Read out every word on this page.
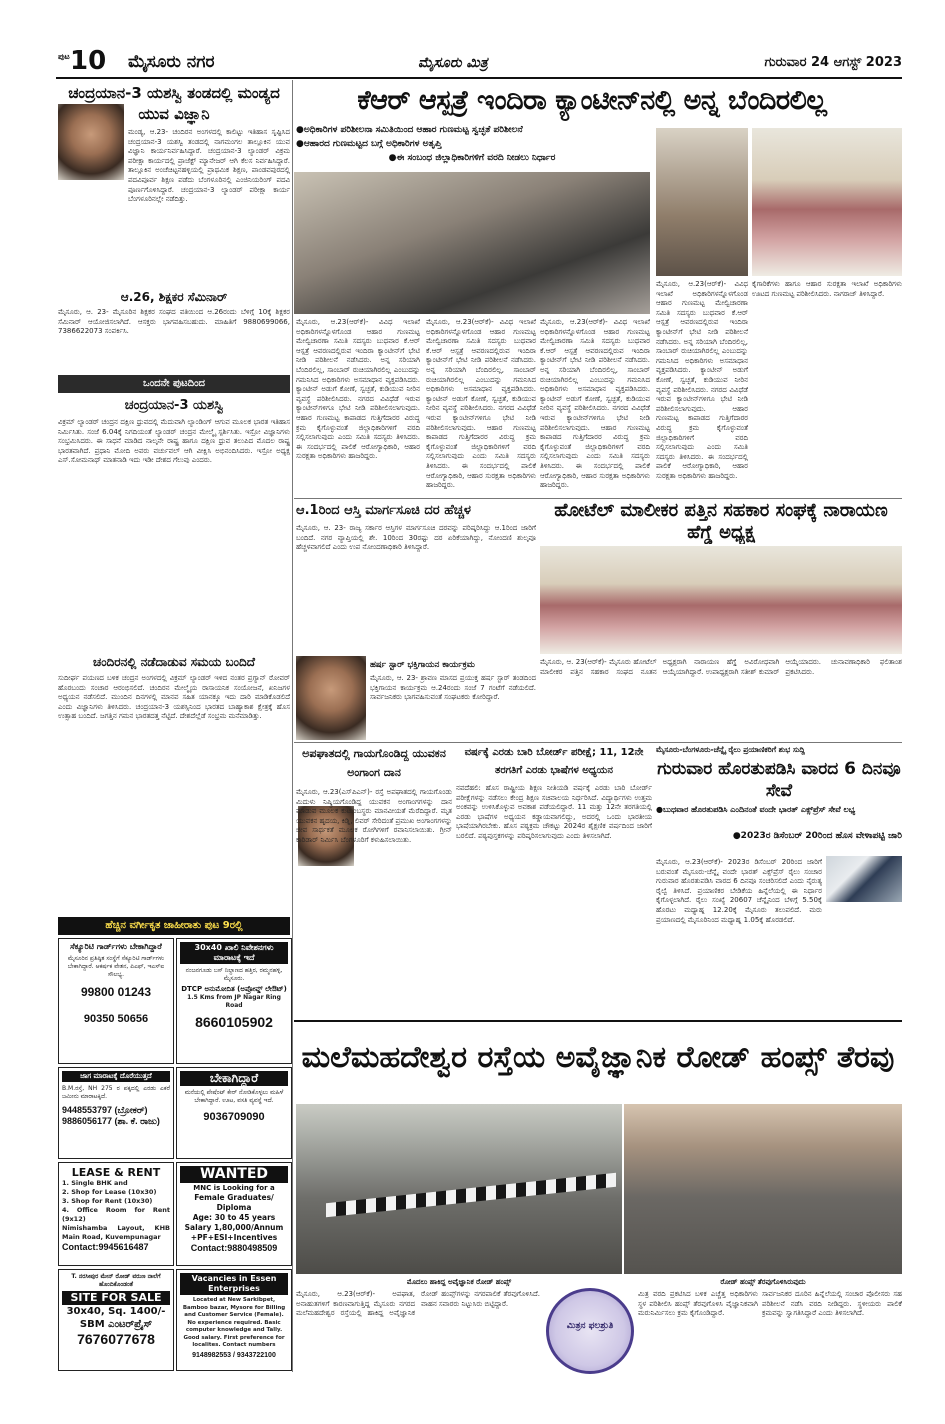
ಪುಟ 10	ಮೈಸೂರು ನಗರ	ಮೈಸೂರು ಮಿತ್ರ	ಗುರುವಾರ 24 ಆಗಸ್ಟ್ 2023
ಚಂದ್ರಯಾನ-3 ಯಶಸ್ವಿ ತಂಡದಲ್ಲಿ ಮಂಡ್ಯದ ಯುವ ವಿಜ್ಞಾನಿ
ಮಂಡ್ಯ, ಆ.23- ಚಂದಿರನ ಅಂಗಳದಲ್ಲಿ ಕಾಲಿಟ್ಟು ಇತಿಹಾಸ ಸೃಷ್ಟಿಸಿದ ಚಂದ್ರಯಾನ-3 ಯಶಸ್ವಿ ತಂಡದಲ್ಲಿ ನಾಗಮಂಗಲ ತಾಲ್ಲೂಕಿನ ಯುವ ವಿಜ್ಞಾನಿ ಕಾರ್ಯನಿರ್ವಹಿಸಿದ್ದಾರೆ. ಚಂದ್ರಯಾನ-3 ಲ್ಯಾಂಡರ್ ವಿಕ್ರಮ ಪರೀಕ್ಷಾ ಕಾರ್ಯದಲ್ಲಿ ಪ್ರಾಜೆಕ್ಟ್ ಮ್ಯಾನೇಜರ್ ಆಗಿ ಕೆಲಸ ನಿರ್ವಹಿಸಿದ್ದಾರೆ. ತಾಲ್ಲೂಕಿನ ಅಂಚೆಚಿಟ್ಟನಹಳ್ಳಿಯಲ್ಲಿ ಪ್ರಾಥಮಿಕ ಶಿಕ್ಷಣ, ಪಾಂಡವಪುರದಲ್ಲಿ ಪದವಿಪೂರ್ವ ಶಿಕ್ಷಣ ಪಡೆದು ಬೆಂಗಳೂರಿನಲ್ಲಿ ಎಂಜಿನಿಯರಿಂಗ್ ಪದವಿ ಪೂರ್ಣಗೊಳಿಸಿದ್ದಾರೆ. ಚಂದ್ರಯಾನ-3 ಲ್ಯಾಂಡರ್ ಪರೀಕ್ಷಾ ಕಾರ್ಯ ಬೆಂಗಳೂರಿನಲ್ಲೇ ನಡೆದಿತ್ತು.
ಆ.26, ಶಿಕ್ಷಕರ ಸೆಮಿನಾರ್
ಮೈಸೂರು, ಆ. 23- ಮೈಸೂರಿನ ಶಿಕ್ಷಕರ ಸಂಘದ ವತಿಯಿಂದ ಆ.26ರಂದು ಬೆಳಿಗ್ಗೆ 10ಕ್ಕೆ ಶಿಕ್ಷಕರ ಸೆಮಿನಾರ್ ಆಯೋಜಿಸಲಾಗಿದೆ. ಆಸಕ್ತರು ಭಾಗವಹಿಸಬಹುದು. ಮಾಹಿತಿಗೆ 9880699066, 7386622073 ಸಂಪರ್ಕಿಸಿ.
ಒಂದನೇ ಪುಟದಿಂದ
ಚಂದ್ರಯಾನ-3 ಯಶಸ್ವಿ
ವಿಕ್ರಮ್ ಲ್ಯಾಂಡರ್ ಚಂದ್ರನ ದಕ್ಷಿಣ ಧ್ರುವದಲ್ಲಿ ಮೆದುವಾಗಿ ಲ್ಯಾಂಡಿಂಗ್ ಆಗುವ ಮೂಲಕ ಭಾರತ ಇತಿಹಾಸ ನಿರ್ಮಿಸಿತು. ಸಂಜೆ 6.04ಕ್ಕೆ ನಿಗದಿಯಂತೆ ಲ್ಯಾಂಡರ್ ಚಂದ್ರನ ಮೇಲ್ಮೈ ಸ್ಪರ್ಶಿಸಿತು. ಇಸ್ರೋ ವಿಜ್ಞಾನಿಗಳು ಸಂಭ್ರಮಿಸಿದರು. ಈ ಸಾಧನೆ ಮಾಡಿದ ನಾಲ್ಕನೇ ರಾಷ್ಟ್ರ ಹಾಗೂ ದಕ್ಷಿಣ ಧ್ರುವ ತಲುಪಿದ ಮೊದಲ ರಾಷ್ಟ್ರ ಭಾರತವಾಗಿದೆ. ಪ್ರಧಾನಿ ಮೋದಿ ಅವರು ವರ್ಚುವಲ್ ಆಗಿ ವೀಕ್ಷಿಸಿ ಅಭಿನಂದಿಸಿದರು. ಇಸ್ರೋ ಅಧ್ಯಕ್ಷ ಎಸ್.ಸೋಮನಾಥ್ ಮಾತನಾಡಿ ಇದು ಇಡೀ ದೇಶದ ಗೆಲುವು ಎಂದರು.
ಚಂದಿರನಲ್ಲಿ ನಡೆದಾಡುವ ಸಮಯ ಬಂದಿದೆ
ಸುದೀರ್ಘ ಪಯಣದ ಬಳಿಕ ಚಂದ್ರನ ಅಂಗಳದಲ್ಲಿ ವಿಕ್ರಮ್ ಲ್ಯಾಂಡರ್ ಇಳಿದ ನಂತರ ಪ್ರಗ್ಯಾನ್ ರೋವರ್ ಹೊರಬಂದು ಸಂಚಾರ ಆರಂಭಿಸಲಿದೆ. ಚಂದಿರನ ಮೇಲ್ಮೈಯ ರಾಸಾಯನಿಕ ಸಂಯೋಜನೆ, ಖನಿಜಗಳ ಅಧ್ಯಯನ ನಡೆಸಲಿದೆ. ಮುಂದಿನ ದಿನಗಳಲ್ಲಿ ಮಾನವ ಸಹಿತ ಯಾನಕ್ಕೂ ಇದು ದಾರಿ ಮಾಡಿಕೊಡಲಿದೆ ಎಂದು ವಿಜ್ಞಾನಿಗಳು ತಿಳಿಸಿದರು. ಚಂದ್ರಯಾನ-3 ಯಶಸ್ಸಿನಿಂದ ಭಾರತದ ಬಾಹ್ಯಾಕಾಶ ಕ್ಷೇತ್ರಕ್ಕೆ ಹೊಸ ಉತ್ಸಾಹ ಬಂದಿದೆ. ಜಗತ್ತಿನ ಗಮನ ಭಾರತದತ್ತ ನೆಟ್ಟಿದೆ. ದೇಶದೆಲ್ಲೆಡೆ ಸಂಭ್ರಮ ಮನೆಮಾಡಿತ್ತು.
ಹೆಚ್ಚಿನ ವರ್ಗೀಕೃತ ಜಾಹೀರಾತು ಪುಟ 9ರಲ್ಲಿ
ಸೆಕ್ಯೂರಿಟಿ ಗಾರ್ಡ್‌ಗಳು ಬೇಕಾಗಿದ್ದಾರೆ
ಮೈಸೂರಿನ ಪ್ರತಿಷ್ಠಿತ ಸಂಸ್ಥೆಗೆ ಸೆಕ್ಯೂರಿಟಿ ಗಾರ್ಡ್‌ಗಳು ಬೇಕಾಗಿದ್ದಾರೆ. ಆಕರ್ಷಕ ವೇತನ, ಪಿಎಫ್, ಇಎಸ್‌ಐ ಸೌಲಭ್ಯ.
99800 01243
90350 50656
30x40 ಖಾಲಿ ನಿವೇಶನಗಳು ಮಾರಾಟಕ್ಕೆ ಇದೆ
ನಂಜನಗೂಡು ಬಸ್ ನಿಲ್ದಾಣದ ಹತ್ತಿರ, ರಮ್ಮನಹಳ್ಳಿ, ಮೈಸೂರು.
DTCP ಅನುಮೋದಿತ (ಅಪ್ರೋವ್ಡ್ ಲೇಔಟ್)
1.5 Kms from JP Nagar Ring Road
8660105902
ಜಾಗ ಮಾರಾಟಕ್ಕೆ ದೊರೆಯುತ್ತದೆ
B.M.ರಸ್ತೆ, NH 275 ರ ಪಕ್ಕದಲ್ಲಿ ಎರಡು ಎಕರೆ ಜಮೀನು ಮಾರಾಟಕ್ಕಿದೆ.
9448553797 (ಬ್ರೋಕರ್)
9886056177 (ಶಾ. ಕೆ. ರಾಜು)
ಬೇಕಾಗಿದ್ದಾರೆ
ಮನೆಯಲ್ಲಿ ಪೇಷೆಂಟ್ ಕೇರ್ ನೋಡಿಕೊಳ್ಳಲು ಮಹಿಳೆ ಬೇಕಾಗಿದ್ದಾರೆ. ಊಟ, ವಸತಿ ವ್ಯವಸ್ಥೆ ಇದೆ.
9036709090
LEASE & RENT
1. Single BHK and
2. Shop for Lease (10x30)
3. Shop for Rent (10x30)
4. Office Room for Rent (9x12)
Nimishamba Layout, KHB Main Road, Kuvempunagar
Contact:9945616487
WANTED
MNC is Looking for a
Female Graduates/ Diploma
Age: 30 to 45 years
Salary 1,80,000/Annum
+PF+ESI+Incentives
Contact:9880498509
T. ನರಸೀಪುರ ಮೇನ್ ರೋಡ್ ವರುಣ ನಾಲೆಗೆ ಹೊಂದಿಕೊಂಡಂತೆ
SITE FOR SALE
30x40, Sq. 1400/-
SBM ಎಂಟರ್‌ಪ್ರೈಸ್
7676077678
Vacancies in Essen Enterprises
Located at New Sarkibpet, Bamboo bazar, Mysore for Billing and Customer Service (Female). No experience required. Basic computer knowledge and Tally. Good salary. First preference for localites. Contact numbers
9148982553 / 9343722100
ಕೆಆರ್ ಆಸ್ಪತ್ರೆ ಇಂದಿರಾ ಕ್ಯಾಂಟೀನ್‌ನಲ್ಲಿ ಅನ್ನ ಬೆಂದಿರಲಿಲ್ಲ
●ಅಧಿಕಾರಿಗಳ ಪರಿಶೀಲನಾ ಸಮಿತಿಯಿಂದ ಆಹಾರ ಗುಣಮಟ್ಟ ಸ್ವಚ್ಛತೆ ಪರಿಶೀಲನೆ
●ಆಹಾರದ ಗುಣಮಟ್ಟದ ಬಗ್ಗೆ ಅಧಿಕಾರಿಗಳ ಅತೃಪ್ತಿ
●ಈ ಸಂಬಂಧ ಜಿಲ್ಲಾಧಿಕಾರಿಗಳಿಗೆ ವರದಿ ನೀಡಲು ನಿರ್ಧಾರ
ಮೈಸೂರು, ಆ.23(ಆರ್‌ಕೆ)- ವಿವಿಧ ಇಲಾಖೆ ಅಧಿಕಾರಿಗಳನ್ನೊಳಗೊಂಡ ಆಹಾರ ಗುಣಮಟ್ಟ ಮೇಲ್ವಿಚಾರಣಾ ಸಮಿತಿ ಸದಸ್ಯರು ಬುಧವಾರ ಕೆ.ಆರ್ ಆಸ್ಪತ್ರೆ ಆವರಣದಲ್ಲಿರುವ ಇಂದಿರಾ ಕ್ಯಾಂಟೀನ್‌ಗೆ ಭೇಟಿ ನೀಡಿ ಪರಿಶೀಲನೆ ನಡೆಸಿದರು. ಅನ್ನ ಸರಿಯಾಗಿ ಬೆಂದಿರಲಿಲ್ಲ, ಸಾಂಬಾರ್ ರುಚಿಯಾಗಿರಲಿಲ್ಲ ಎಂಬುದನ್ನು ಗಮನಿಸಿದ ಅಧಿಕಾರಿಗಳು ಅಸಮಾಧಾನ ವ್ಯಕ್ತಪಡಿಸಿದರು. ಕ್ಯಾಂಟೀನ್ ಅಡುಗೆ ಕೋಣೆ, ಸ್ವಚ್ಛತೆ, ಕುಡಿಯುವ ನೀರಿನ ವ್ಯವಸ್ಥೆ ಪರಿಶೀಲಿಸಿದರು. ನಗರದ ವಿವಿಧೆಡೆ ಇರುವ ಕ್ಯಾಂಟೀನ್‌ಗಳಿಗೂ ಭೇಟಿ ನೀಡಿ ಪರಿಶೀಲಿಸಲಾಗುವುದು. ಆಹಾರ ಗುಣಮಟ್ಟ ಕಾಪಾಡದ ಗುತ್ತಿಗೆದಾರರ ವಿರುದ್ಧ ಕ್ರಮ ಕೈಗೊಳ್ಳುವಂತೆ ಜಿಲ್ಲಾಧಿಕಾರಿಗಳಿಗೆ ವರದಿ ಸಲ್ಲಿಸಲಾಗುವುದು ಎಂದು ಸಮಿತಿ ಸದಸ್ಯರು ತಿಳಿಸಿದರು. ಈ ಸಂದರ್ಭದಲ್ಲಿ ಪಾಲಿಕೆ ಆರೋಗ್ಯಾಧಿಕಾರಿ, ಆಹಾರ ಸುರಕ್ಷತಾ ಅಧಿಕಾರಿಗಳು ಹಾಜರಿದ್ದರು.
ಮೈಸೂರು, ಆ.23(ಆರ್‌ಕೆ)- ವಿವಿಧ ಇಲಾಖೆ ಅಧಿಕಾರಿಗಳನ್ನೊಳಗೊಂಡ ಆಹಾರ ಗುಣಮಟ್ಟ ಮೇಲ್ವಿಚಾರಣಾ ಸಮಿತಿ ಸದಸ್ಯರು ಬುಧವಾರ ಕೆ.ಆರ್ ಆಸ್ಪತ್ರೆ ಆವರಣದಲ್ಲಿರುವ ಇಂದಿರಾ ಕ್ಯಾಂಟೀನ್‌ಗೆ ಭೇಟಿ ನೀಡಿ ಪರಿಶೀಲನೆ ನಡೆಸಿದರು. ಅನ್ನ ಸರಿಯಾಗಿ ಬೆಂದಿರಲಿಲ್ಲ, ಸಾಂಬಾರ್ ರುಚಿಯಾಗಿರಲಿಲ್ಲ ಎಂಬುದನ್ನು ಗಮನಿಸಿದ ಅಧಿಕಾರಿಗಳು ಅಸಮಾಧಾನ ವ್ಯಕ್ತಪಡಿಸಿದರು. ಕ್ಯಾಂಟೀನ್ ಅಡುಗೆ ಕೋಣೆ, ಸ್ವಚ್ಛತೆ, ಕುಡಿಯುವ ನೀರಿನ ವ್ಯವಸ್ಥೆ ಪರಿಶೀಲಿಸಿದರು. ನಗರದ ವಿವಿಧೆಡೆ ಇರುವ ಕ್ಯಾಂಟೀನ್‌ಗಳಿಗೂ ಭೇಟಿ ನೀಡಿ ಪರಿಶೀಲಿಸಲಾಗುವುದು. ಆಹಾರ ಗುಣಮಟ್ಟ ಕಾಪಾಡದ ಗುತ್ತಿಗೆದಾರರ ವಿರುದ್ಧ ಕ್ರಮ ಕೈಗೊಳ್ಳುವಂತೆ ಜಿಲ್ಲಾಧಿಕಾರಿಗಳಿಗೆ ವರದಿ ಸಲ್ಲಿಸಲಾಗುವುದು ಎಂದು ಸಮಿತಿ ಸದಸ್ಯರು ತಿಳಿಸಿದರು. ಈ ಸಂದರ್ಭದಲ್ಲಿ ಪಾಲಿಕೆ ಆರೋಗ್ಯಾಧಿಕಾರಿ, ಆಹಾರ ಸುರಕ್ಷತಾ ಅಧಿಕಾರಿಗಳು ಹಾಜರಿದ್ದರು.
ಮೈಸೂರು, ಆ.23(ಆರ್‌ಕೆ)- ವಿವಿಧ ಇಲಾಖೆ ಅಧಿಕಾರಿಗಳನ್ನೊಳಗೊಂಡ ಆಹಾರ ಗುಣಮಟ್ಟ ಮೇಲ್ವಿಚಾರಣಾ ಸಮಿತಿ ಸದಸ್ಯರು ಬುಧವಾರ ಕೆ.ಆರ್ ಆಸ್ಪತ್ರೆ ಆವರಣದಲ್ಲಿರುವ ಇಂದಿರಾ ಕ್ಯಾಂಟೀನ್‌ಗೆ ಭೇಟಿ ನೀಡಿ ಪರಿಶೀಲನೆ ನಡೆಸಿದರು. ಅನ್ನ ಸರಿಯಾಗಿ ಬೆಂದಿರಲಿಲ್ಲ, ಸಾಂಬಾರ್ ರುಚಿಯಾಗಿರಲಿಲ್ಲ ಎಂಬುದನ್ನು ಗಮನಿಸಿದ ಅಧಿಕಾರಿಗಳು ಅಸಮಾಧಾನ ವ್ಯಕ್ತಪಡಿಸಿದರು. ಕ್ಯಾಂಟೀನ್ ಅಡುಗೆ ಕೋಣೆ, ಸ್ವಚ್ಛತೆ, ಕುಡಿಯುವ ನೀರಿನ ವ್ಯವಸ್ಥೆ ಪರಿಶೀಲಿಸಿದರು. ನಗರದ ವಿವಿಧೆಡೆ ಇರುವ ಕ್ಯಾಂಟೀನ್‌ಗಳಿಗೂ ಭೇಟಿ ನೀಡಿ ಪರಿಶೀಲಿಸಲಾಗುವುದು. ಆಹಾರ ಗುಣಮಟ್ಟ ಕಾಪಾಡದ ಗುತ್ತಿಗೆದಾರರ ವಿರುದ್ಧ ಕ್ರಮ ಕೈಗೊಳ್ಳುವಂತೆ ಜಿಲ್ಲಾಧಿಕಾರಿಗಳಿಗೆ ವರದಿ ಸಲ್ಲಿಸಲಾಗುವುದು ಎಂದು ಸಮಿತಿ ಸದಸ್ಯರು ತಿಳಿಸಿದರು. ಈ ಸಂದರ್ಭದಲ್ಲಿ ಪಾಲಿಕೆ ಆರೋಗ್ಯಾಧಿಕಾರಿ, ಆಹಾರ ಸುರಕ್ಷತಾ ಅಧಿಕಾರಿಗಳು ಹಾಜರಿದ್ದರು.
ಮೈಸೂರು, ಆ.23(ಆರ್‌ಕೆ)- ವಿವಿಧ ಇಲಾಖೆ ಅಧಿಕಾರಿಗಳನ್ನೊಳಗೊಂಡ ಆಹಾರ ಗುಣಮಟ್ಟ ಮೇಲ್ವಿಚಾರಣಾ ಸಮಿತಿ ಸದಸ್ಯರು ಬುಧವಾರ ಕೆ.ಆರ್ ಆಸ್ಪತ್ರೆ ಆವರಣದಲ್ಲಿರುವ ಇಂದಿರಾ ಕ್ಯಾಂಟೀನ್‌ಗೆ ಭೇಟಿ ನೀಡಿ ಪರಿಶೀಲನೆ ನಡೆಸಿದರು. ಅನ್ನ ಸರಿಯಾಗಿ ಬೆಂದಿರಲಿಲ್ಲ, ಸಾಂಬಾರ್ ರುಚಿಯಾಗಿರಲಿಲ್ಲ ಎಂಬುದನ್ನು ಗಮನಿಸಿದ ಅಧಿಕಾರಿಗಳು ಅಸಮಾಧಾನ ವ್ಯಕ್ತಪಡಿಸಿದರು. ಕ್ಯಾಂಟೀನ್ ಅಡುಗೆ ಕೋಣೆ, ಸ್ವಚ್ಛತೆ, ಕುಡಿಯುವ ನೀರಿನ ವ್ಯವಸ್ಥೆ ಪರಿಶೀಲಿಸಿದರು. ನಗರದ ವಿವಿಧೆಡೆ ಇರುವ ಕ್ಯಾಂಟೀನ್‌ಗಳಿಗೂ ಭೇಟಿ ನೀಡಿ ಪರಿಶೀಲಿಸಲಾಗುವುದು. ಆಹಾರ ಗುಣಮಟ್ಟ ಕಾಪಾಡದ ಗುತ್ತಿಗೆದಾರರ ವಿರುದ್ಧ ಕ್ರಮ ಕೈಗೊಳ್ಳುವಂತೆ ಜಿಲ್ಲಾಧಿಕಾರಿಗಳಿಗೆ ವರದಿ ಸಲ್ಲಿಸಲಾಗುವುದು ಎಂದು ಸಮಿತಿ ಸದಸ್ಯರು ತಿಳಿಸಿದರು. ಈ ಸಂದರ್ಭದಲ್ಲಿ ಪಾಲಿಕೆ ಆರೋಗ್ಯಾಧಿಕಾರಿ, ಆಹಾರ ಸುರಕ್ಷತಾ ಅಧಿಕಾರಿಗಳು ಹಾಜರಿದ್ದರು.
ಕೈಗಾರಿಕೆಗಳು ಹಾಗೂ ಆಹಾರ ಸುರಕ್ಷತಾ ಇಲಾಖೆ ಅಧಿಕಾರಿಗಳು ಊಟದ ಗುಣಮಟ್ಟ ಪರಿಶೀಲಿಸಿದರು. ನಾಗರಾಜ್ ತಿಳಿಸಿದ್ದಾರೆ.
ಆ.1ರಿಂದ ಆಸ್ತಿ ಮಾರ್ಗಸೂಚಿ ದರ ಹೆಚ್ಚಳ
ಮೈಸೂರು, ಆ. 23- ರಾಜ್ಯ ಸರ್ಕಾರ ಆಸ್ತಿಗಳ ಮಾರ್ಗಸೂಚಿ ದರವನ್ನು ಪರಿಷ್ಕರಿಸಿದ್ದು ಆ.1ರಿಂದ ಜಾರಿಗೆ ಬಂದಿದೆ. ನಗರ ವ್ಯಾಪ್ತಿಯಲ್ಲಿ ಶೇ. 10ರಿಂದ 30ರಷ್ಟು ದರ ಏರಿಕೆಯಾಗಿದ್ದು, ನೋಂದಣಿ ಶುಲ್ಕವೂ ಹೆಚ್ಚಳವಾಗಲಿದೆ ಎಂದು ಉಪ ನೋಂದಣಾಧಿಕಾರಿ ತಿಳಿಸಿದ್ದಾರೆ.
ಹೋಟೆಲ್ ಮಾಲೀಕರ ಪತ್ತಿನ ಸಹಕಾರ ಸಂಘಕ್ಕೆ ನಾರಾಯಣ ಹೆಗ್ಡೆ ಅಧ್ಯಕ್ಷ
ಮೈಸೂರು, ಆ. 23(ಆರ್‌ಕೆ)- ಮೈಸೂರು ಹೋಟೆಲ್ ಮಾಲೀಕರ ಪತ್ತಿನ ಸಹಕಾರ ಸಂಘದ ನೂತನ ಅಧ್ಯಕ್ಷರಾಗಿ ನಾರಾಯಣ ಹೆಗ್ಡೆ ಅವಿರೋಧವಾಗಿ ಆಯ್ಕೆಯಾಗಿದ್ದಾರೆ. ಉಪಾಧ್ಯಕ್ಷರಾಗಿ ಸತೀಶ್ ಕುಮಾರ್ ಆಯ್ಕೆಯಾದರು. ಚುನಾವಣಾಧಿಕಾರಿ ಫಲಿತಾಂಶ ಪ್ರಕಟಿಸಿದರು.
ಹರ್ಷ ಸ್ಟಾರ್ ಭಕ್ತಿಗಾಯನ ಕಾರ್ಯಕ್ರಮ
ಮೈಸೂರು, ಆ. 23- ಶ್ರಾವಣ ಮಾಸದ ಪ್ರಯುಕ್ತ ಹರ್ಷ ಸ್ಟಾರ್ ತಂಡದಿಂದ ಭಕ್ತಿಗಾಯನ ಕಾರ್ಯಕ್ರಮ ಆ.24ರಂದು ಸಂಜೆ 7 ಗಂಟೆಗೆ ನಡೆಯಲಿದೆ. ಸಾರ್ವಜನಿಕರು ಭಾಗವಹಿಸುವಂತೆ ಸಂಘಟಕರು ಕೋರಿದ್ದಾರೆ.
ಅಪಘಾತದಲ್ಲಿ ಗಾಯಗೊಂಡಿದ್ದ ಯುವಕನ ಅಂಗಾಂಗ ದಾನ
ಮೈಸೂರು, ಆ.23(ಎಸ್‌ಪಿಎನ್)- ರಸ್ತೆ ಅಪಘಾತದಲ್ಲಿ ಗಾಯಗೊಂಡು ಮಿದುಳು ನಿಷ್ಕ್ರಿಯಗೊಂಡಿದ್ದ ಯುವಕನ ಅಂಗಾಂಗಗಳನ್ನು ದಾನ ಮಾಡುವ ಮೂಲಕ ಕುಟುಂಬಸ್ಥರು ಮಾನವೀಯತೆ ಮೆರೆದಿದ್ದಾರೆ. ಮೃತ ಯುವಕನ ಹೃದಯ, ಕಿಡ್ನಿ, ಲಿವರ್ ಸೇರಿದಂತೆ ಪ್ರಮುಖ ಅಂಗಾಂಗಗಳನ್ನು ಜೀವ ಸಾರ್ಥಕತೆ ಮೂಲಕ ರೋಗಿಗಳಿಗೆ ರವಾನಿಸಲಾಯಿತು. ಗ್ರೀನ್ ಕಾರಿಡಾರ್ ನಿರ್ಮಿಸಿ ಬೆಂಗಳೂರಿಗೆ ಕಳುಹಿಸಲಾಯಿತು.
ವರ್ಷಕ್ಕೆ ಎರಡು ಬಾರಿ ಬೋರ್ಡ್ ಪರೀಕ್ಷೆ; 11, 12ನೇ ತರಗತಿಗೆ ಎರಡು ಭಾಷೆಗಳ ಅಧ್ಯಯನ
ನವದೆಹಲಿ: ಹೊಸ ರಾಷ್ಟ್ರೀಯ ಶಿಕ್ಷಣ ನೀತಿಯಡಿ ವರ್ಷಕ್ಕೆ ಎರಡು ಬಾರಿ ಬೋರ್ಡ್ ಪರೀಕ್ಷೆಗಳನ್ನು ನಡೆಸಲು ಕೇಂದ್ರ ಶಿಕ್ಷಣ ಸಚಿವಾಲಯ ನಿರ್ಧರಿಸಿದೆ. ವಿದ್ಯಾರ್ಥಿಗಳು ಉತ್ತಮ ಅಂಕವನ್ನು ಉಳಿಸಿಕೊಳ್ಳುವ ಅವಕಾಶ ಪಡೆಯಲಿದ್ದಾರೆ. 11 ಮತ್ತು 12ನೇ ತರಗತಿಯಲ್ಲಿ ಎರಡು ಭಾಷೆಗಳ ಅಧ್ಯಯನ ಕಡ್ಡಾಯವಾಗಲಿದ್ದು, ಅದರಲ್ಲಿ ಒಂದು ಭಾರತೀಯ ಭಾಷೆಯಾಗಿರಬೇಕು. ಹೊಸ ಪಠ್ಯಕ್ರಮ ಚೌಕಟ್ಟು 2024ರ ಶೈಕ್ಷಣಿಕ ವರ್ಷದಿಂದ ಜಾರಿಗೆ ಬರಲಿದೆ. ಪಠ್ಯಪುಸ್ತಕಗಳನ್ನು ಪರಿಷ್ಕರಿಸಲಾಗುವುದು ಎಂದು ತಿಳಿಸಲಾಗಿದೆ.
ಮೈಸೂರು-ಬೆಂಗಳೂರು-ಚೆನ್ನೈ ರೈಲು ಪ್ರಯಾಣಿಕರಿಗೆ ಶುಭ ಸುದ್ದಿ
ಗುರುವಾರ ಹೊರತುಪಡಿಸಿ ವಾರದ 6 ದಿನವೂ ಸೇವೆ
●ಬುಧವಾರ ಹೊರತುಪಡಿಸಿ ಎಂದಿನಂತೆ ವಂದೇ ಭಾರತ್ ಎಕ್ಸ್‌ಪ್ರೆಸ್ ಸೇವೆ ಲಭ್ಯ
●2023ರ ಡಿಸೆಂಬರ್ 20ರಿಂದ ಹೊಸ ವೇಳಾಪಟ್ಟಿ ಜಾರಿ
ಮೈಸೂರು, ಆ.23(ಆರ್‌ಕೆ)- 2023ರ ಡಿಸೆಂಬರ್ 20ರಿಂದ ಜಾರಿಗೆ ಬರುವಂತೆ ಮೈಸೂರು-ಚೆನ್ನೈ ವಂದೇ ಭಾರತ್ ಎಕ್ಸ್‌ಪ್ರೆಸ್ ರೈಲು ಸಂಚಾರ ಗುರುವಾರ ಹೊರತುಪಡಿಸಿ ವಾರದ 6 ದಿನವೂ ಸಂಚರಿಸಲಿದೆ ಎಂದು ನೈರುತ್ಯ ರೈಲ್ವೆ ತಿಳಿಸಿದೆ. ಪ್ರಯಾಣಿಕರ ಬೇಡಿಕೆಯ ಹಿನ್ನೆಲೆಯಲ್ಲಿ ಈ ನಿರ್ಧಾರ ಕೈಗೊಳ್ಳಲಾಗಿದೆ. ರೈಲು ಸಂಖ್ಯೆ 20607 ಚೆನ್ನೈನಿಂದ ಬೆಳಿಗ್ಗೆ 5.50ಕ್ಕೆ ಹೊರಟು ಮಧ್ಯಾಹ್ನ 12.20ಕ್ಕೆ ಮೈಸೂರು ತಲುಪಲಿದೆ. ಮರು ಪ್ರಯಾಣದಲ್ಲಿ ಮೈಸೂರಿನಿಂದ ಮಧ್ಯಾಹ್ನ 1.05ಕ್ಕೆ ಹೊರಡಲಿದೆ.
ಮಲೆಮಹದೇಶ್ವರ ರಸ್ತೆಯ ಅವೈಜ್ಞಾನಿಕ ರೋಡ್ ಹಂಪ್ಸ್ ತೆರವು
ಮೊದಲು ಹಾಕಿದ್ದ ಅವೈಜ್ಞಾನಿಕ ರೋಡ್ ಹಂಪ್ಸ್	ರೋಡ್ ಹಂಪ್ಸ್ ತೆರವುಗೊಳಿಸಿರುವುದು
ಮೈಸೂರು, ಆ.23(ಆರ್‌ಕೆ)- ಅಪಘಾತ, ಅನಾಹುತಗಳಿಗೆ ಕಾರಣವಾಗುತ್ತಿದ್ದ ಮೈಸೂರು ನಗರದ ಮಲೆಮಹದೇಶ್ವರ ರಸ್ತೆಯಲ್ಲಿ ಹಾಕಿದ್ದ ಅವೈಜ್ಞಾನಿಕ ರೋಡ್ ಹಂಪ್ಸ್‌ಗಳನ್ನು ನಗರಪಾಲಿಕೆ ತೆರವುಗೊಳಿಸಿದೆ. ವಾಹನ ಸವಾರರು ನಿಟ್ಟುಸಿರು ಬಿಟ್ಟಿದ್ದಾರೆ.
ಮಿತ್ರನ ಫಲಶ್ರುತಿ
ಮಿತ್ರ ವರದಿ ಪ್ರಕಟಿಸಿದ ಬಳಿಕ ಎಚ್ಚೆತ್ತ ಅಧಿಕಾರಿಗಳು ಸ್ಥಳ ಪರಿಶೀಲಿಸಿ ಹಂಪ್ಸ್ ತೆರವುಗೊಳಿಸಿ ವೈಜ್ಞಾನಿಕವಾಗಿ ಮರುನಿರ್ಮಿಸಲು ಕ್ರಮ ಕೈಗೊಂಡಿದ್ದಾರೆ.
ಸಾರ್ವಜನಿಕರ ದೂರಿನ ಹಿನ್ನೆಲೆಯಲ್ಲಿ ಸಂಚಾರ ಪೊಲೀಸರು ಸಹ ಪರಿಶೀಲನೆ ನಡೆಸಿ ವರದಿ ನೀಡಿದ್ದರು. ಸ್ಥಳೀಯರು ಪಾಲಿಕೆ ಕ್ರಮವನ್ನು ಸ್ವಾಗತಿಸಿದ್ದಾರೆ ಎಂದು ತಿಳಿಸಲಾಗಿದೆ.
